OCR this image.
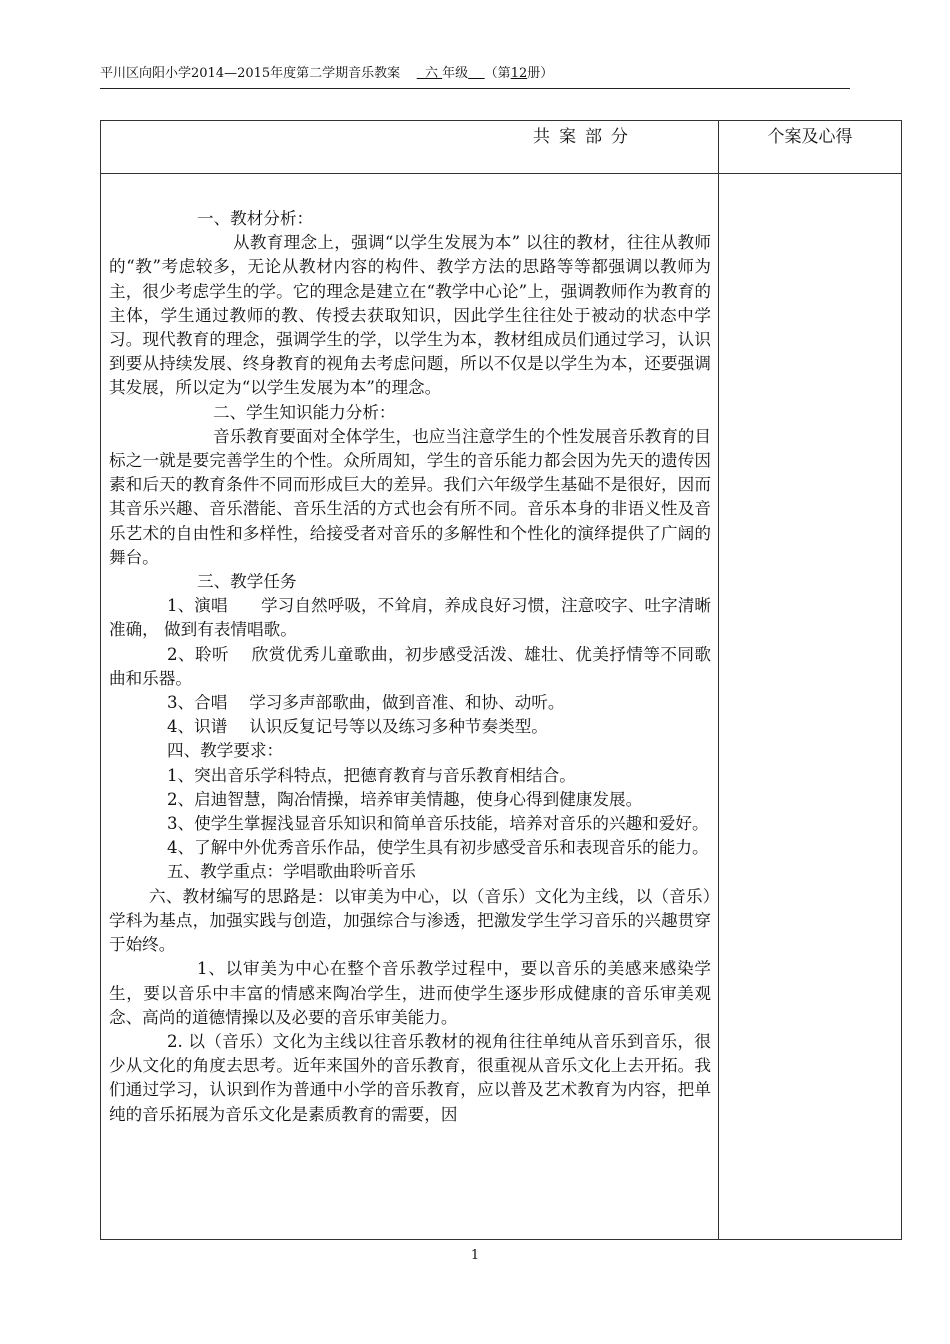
平川区向阳小学2014—2015年度第二学期音乐教案 六 年级 （第12册）
共案部分	个案及心得

一、教材分析：

从教育理念上，强调“以学生发展为本” 以往的教材，往往从教师的“教”考虑较多，无论从教材内容的构件、教学方法的思路等等都强调以教师为主，很少考虑学生的学。它的理念是建立在“教学中心论”上，强调教师作为教育的主体，学生通过教师的教、传授去获取知识，因此学生往往处于被动的状态中学习。现代教育的理念，强调学生的学，以学生为本，教材组成员们通过学习，认识到要从持续发展、终身教育的视角去考虑问题，所以不仅是以学生为本，还要强调其发展，所以定为“以学生发展为本”的理念。

二、学生知识能力分析：

音乐教育要面对全体学生，也应当注意学生的个性发展音乐教育的目标之一就是要完善学生的个性。众所周知，学生的音乐能力都会因为先天的遗传因素和后天的教育条件不同而形成巨大的差异。我们六年级学生基础不是很好，因而其音乐兴趣、音乐潜能、音乐生活的方式也会有所不同。音乐本身的非语义性及音乐艺术的自由性和多样性，给接受者对音乐的多解性和个性化的演绎提供了广阔的舞台。

三、教学任务

1、演唱　　学习自然呼吸，不耸肩，养成良好习惯，注意咬字、吐字清晰准确， 做到有表情唱歌。

2、聆听　 欣赏优秀儿童歌曲，初步感受活泼、雄壮、优美抒情等不同歌曲和乐器。

3、合唱　 学习多声部歌曲，做到音准、和协、动听。

4、识谱　 认识反复记号等以及练习多种节奏类型。

四、教学要求：

1、突出音乐学科特点，把德育教育与音乐教育相结合。

2、启迪智慧，陶冶情操，培养审美情趣，使身心得到健康发展。

3、使学生掌握浅显音乐知识和简单音乐技能，培养对音乐的兴趣和爱好。

4、了解中外优秀音乐作品，使学生具有初步感受音乐和表现音乐的能力。

五、教学重点：学唱歌曲聆听音乐

六、教材编写的思路是：以审美为中心，以（音乐）文化为主线，以（音乐）学科为基点，加强实践与创造，加强综合与渗透，把激发学生学习音乐的兴趣贯穿于始终。

1、以审美为中心在整个音乐教学过程中，要以音乐的美感来感染学生，要以音乐中丰富的情感来陶冶学生，进而使学生逐步形成健康的音乐审美观念、高尚的道德情操以及必要的音乐审美能力。

2. 以（音乐）文化为主线以往音乐教材的视角往往单纯从音乐到音乐，很少从文化的角度去思考。近年来国外的音乐教育，很重视从音乐文化上去开拓。我们通过学习，认识到作为普通中小学的音乐教育，应以普及艺术教育为内容，把单纯的音乐拓展为音乐文化是素质教育的需要，因

1
